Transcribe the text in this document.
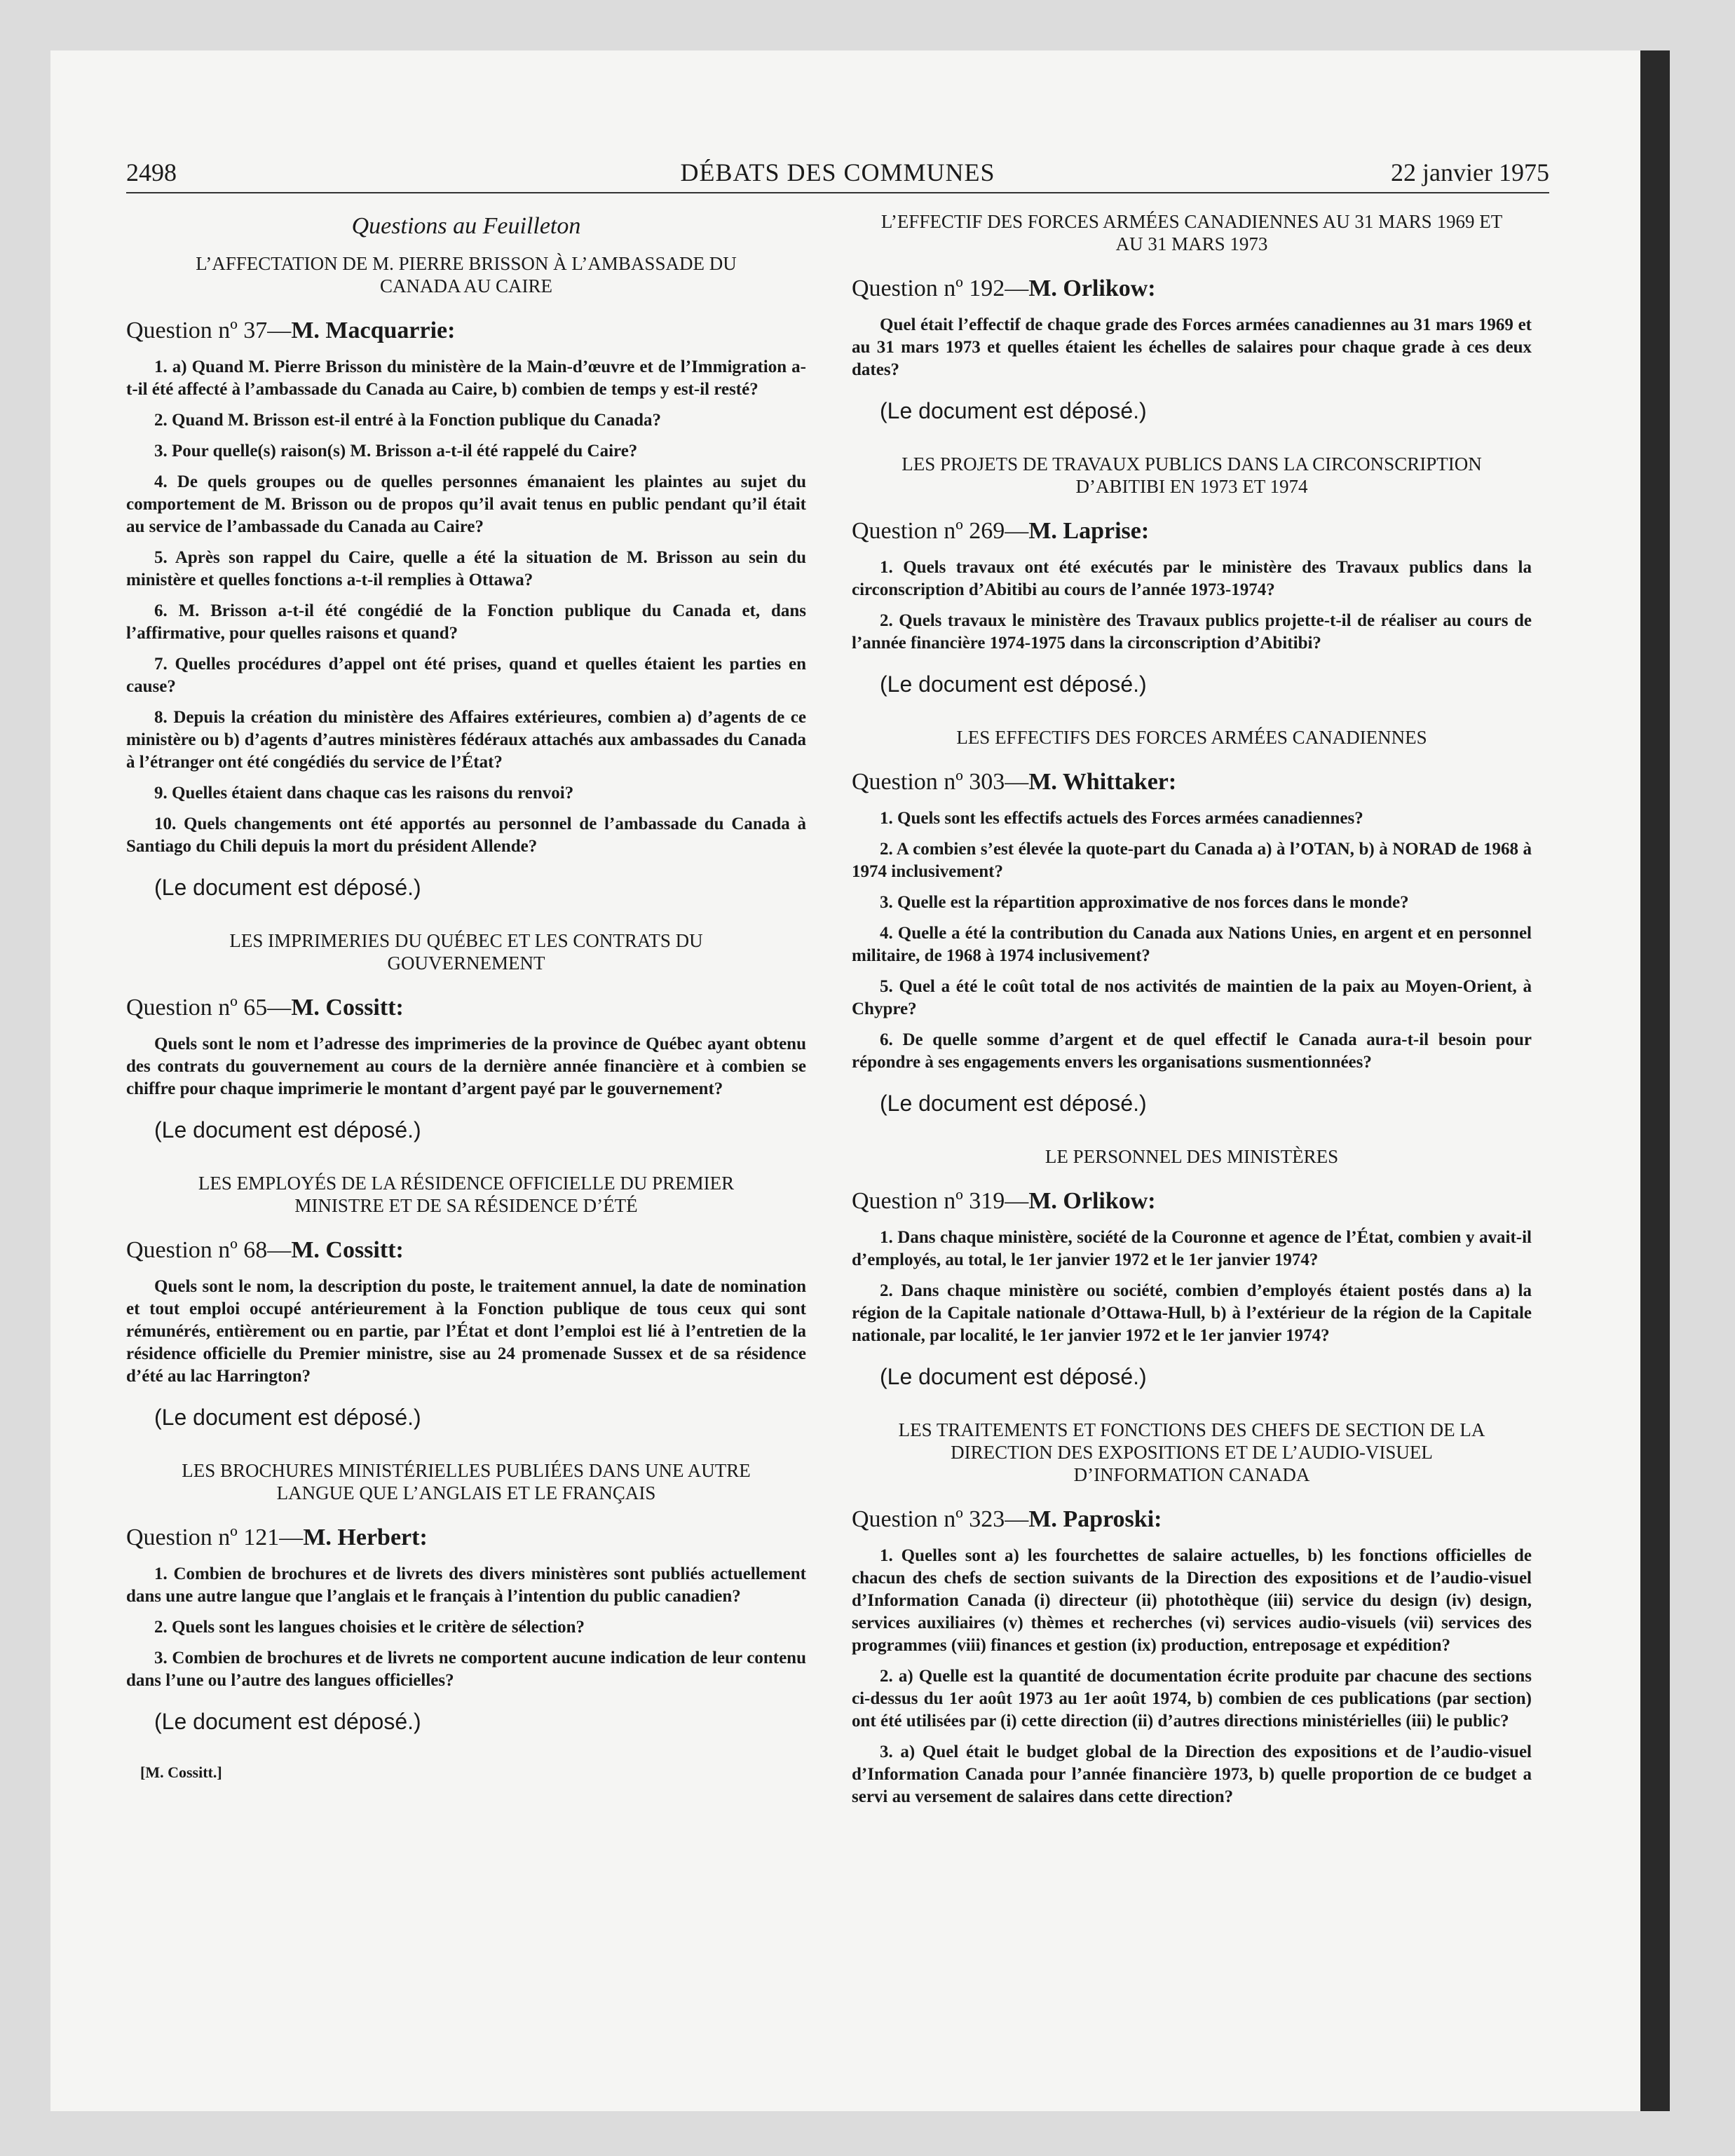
2498	DÉBATS DES COMMUNES	22 janvier 1975
Questions au Feuilleton
L’AFFECTATION DE M. PIERRE BRISSON À L’AMBASSADE DU CANADA AU CAIRE
Question nº 37—M. Macquarrie:

1. a) Quand M. Pierre Brisson du ministère de la Main-d’œuvre et de l’Immigration a-t-il été affecté à l’ambassade du Canada au Caire, b) combien de temps y est-il resté?

2. Quand M. Brisson est-il entré à la Fonction publique du Canada?

3. Pour quelle(s) raison(s) M. Brisson a-t-il été rappelé du Caire?

4. De quels groupes ou de quelles personnes émanaient les plaintes au sujet du comportement de M. Brisson ou de propos qu’il avait tenus en public pendant qu’il était au service de l’ambassade du Canada au Caire?

5. Après son rappel du Caire, quelle a été la situation de M. Brisson au sein du ministère et quelles fonctions a-t-il remplies à Ottawa?

6. M. Brisson a-t-il été congédié de la Fonction publique du Canada et, dans l’affirmative, pour quelles raisons et quand?

7. Quelles procédures d’appel ont été prises, quand et quelles étaient les parties en cause?

8. Depuis la création du ministère des Affaires extérieures, combien a) d’agents de ce ministère ou b) d’agents d’autres ministères fédéraux attachés aux ambassades du Canada à l’étranger ont été congédiés du service de l’État?

9. Quelles étaient dans chaque cas les raisons du renvoi?

10. Quels changements ont été apportés au personnel de l’ambassade du Canada à Santiago du Chili depuis la mort du président Allende?

(Le document est déposé.)
LES IMPRIMERIES DU QUÉBEC ET LES CONTRATS DU GOUVERNEMENT
Question nº 65—M. Cossitt:

Quels sont le nom et l’adresse des imprimeries de la province de Québec ayant obtenu des contrats du gouvernement au cours de la dernière année financière et à combien se chiffre pour chaque imprimerie le montant d’argent payé par le gouvernement?

(Le document est déposé.)
LES EMPLOYÉS DE LA RÉSIDENCE OFFICIELLE DU PREMIER MINISTRE ET DE SA RÉSIDENCE D’ÉTÉ
Question nº 68—M. Cossitt:

Quels sont le nom, la description du poste, le traitement annuel, la date de nomination et tout emploi occupé antérieurement à la Fonction publique de tous ceux qui sont rémunérés, entièrement ou en partie, par l’État et dont l’emploi est lié à l’entretien de la résidence officielle du Premier ministre, sise au 24 promenade Sussex et de sa résidence d’été au lac Harrington?

(Le document est déposé.)
LES BROCHURES MINISTÉRIELLES PUBLIÉES DANS UNE AUTRE LANGUE QUE L’ANGLAIS ET LE FRANÇAIS
Question nº 121—M. Herbert:

1. Combien de brochures et de livrets des divers ministères sont publiés actuellement dans une autre langue que l’anglais et le français à l’intention du public canadien?

2. Quels sont les langues choisies et le critère de sélection?

3. Combien de brochures et de livrets ne comportent aucune indication de leur contenu dans l’une ou l’autre des langues officielles?

(Le document est déposé.)
[M. Cossitt.]
L’EFFECTIF DES FORCES ARMÉES CANADIENNES AU 31 MARS 1969 ET AU 31 MARS 1973
Question nº 192—M. Orlikow:

Quel était l’effectif de chaque grade des Forces armées canadiennes au 31 mars 1969 et au 31 mars 1973 et quelles étaient les échelles de salaires pour chaque grade à ces deux dates?

(Le document est déposé.)
LES PROJETS DE TRAVAUX PUBLICS DANS LA CIRCONSCRIPTION D’ABITIBI EN 1973 ET 1974
Question nº 269—M. Laprise:

1. Quels travaux ont été exécutés par le ministère des Travaux publics dans la circonscription d’Abitibi au cours de l’année 1973-1974?

2. Quels travaux le ministère des Travaux publics projette-t-il de réaliser au cours de l’année financière 1974-1975 dans la circonscription d’Abitibi?

(Le document est déposé.)
LES EFFECTIFS DES FORCES ARMÉES CANADIENNES
Question nº 303—M. Whittaker:

1. Quels sont les effectifs actuels des Forces armées canadiennes?

2. A combien s’est élevée la quote-part du Canada a) à l’OTAN, b) à NORAD de 1968 à 1974 inclusivement?

3. Quelle est la répartition approximative de nos forces dans le monde?

4. Quelle a été la contribution du Canada aux Nations Unies, en argent et en personnel militaire, de 1968 à 1974 inclusivement?

5. Quel a été le coût total de nos activités de maintien de la paix au Moyen-Orient, à Chypre?

6. De quelle somme d’argent et de quel effectif le Canada aura-t-il besoin pour répondre à ses engagements envers les organisations susmentionnées?

(Le document est déposé.)
LE PERSONNEL DES MINISTÈRES
Question nº 319—M. Orlikow:

1. Dans chaque ministère, société de la Couronne et agence de l’État, combien y avait-il d’employés, au total, le 1er janvier 1972 et le 1er janvier 1974?

2. Dans chaque ministère ou société, combien d’employés étaient postés dans a) la région de la Capitale nationale d’Ottawa-Hull, b) à l’extérieur de la région de la Capitale nationale, par localité, le 1er janvier 1972 et le 1er janvier 1974?

(Le document est déposé.)
LES TRAITEMENTS ET FONCTIONS DES CHEFS DE SECTION DE LA DIRECTION DES EXPOSITIONS ET DE L’AUDIO-VISUEL D’INFORMATION CANADA
Question nº 323—M. Paproski:

1. Quelles sont a) les fourchettes de salaire actuelles, b) les fonctions officielles de chacun des chefs de section suivants de la Direction des expositions et de l’audio-visuel d’Information Canada (i) directeur (ii) photothèque (iii) service du design (iv) design, services auxiliaires (v) thèmes et recherches (vi) services audio-visuels (vii) services des programmes (viii) finances et gestion (ix) production, entreposage et expédition?

2. a) Quelle est la quantité de documentation écrite produite par chacune des sections ci-dessus du 1er août 1973 au 1er août 1974, b) combien de ces publications (par section) ont été utilisées par (i) cette direction (ii) d’autres directions ministérielles (iii) le public?

3. a) Quel était le budget global de la Direction des expositions et de l’audio-visuel d’Information Canada pour l’année financière 1973, b) quelle proportion de ce budget a servi au versement de salaires dans cette direction?
